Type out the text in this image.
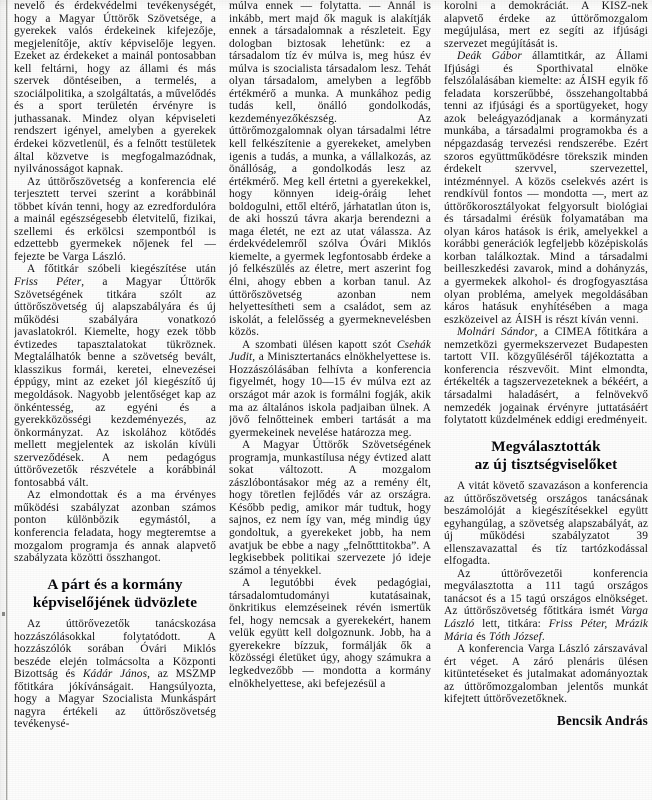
nevelő és érdekvédelmi tevékenységét, hogy a Magyar Úttörők Szövetsége, a gyerekek valós érdekeinek kifejezője, megjelenítője, aktív képviselője legyen. Ezeket az érdekeket a mainál pontosabban kell feltárni, hogy az állami és más szervek döntéseiben, a termelés, a szociálpolitika, a szolgáltatás, a művelődés és a sport területén érvényre is juthassanak. Mindez olyan képviseleti rendszert igényel, amelyben a gyerekek érdekei közvetlenül, és a felnőtt testületek által közvetve is megfogalmazódnak, nyilvánosságot kapnak.

Az úttörőszövetség a konferencia elé terjesztett tervei szerint a korábbinál többet kíván tenni, hogy az ezredfordulóra a mainál egészségesebb életvitelű, fizikai, szellemi és erkölcsi szempontból is edzettebb gyermekek nőjenek fel — fejezte be Varga László.

A főtitkár szóbeli kiegészítése után Friss Péter, a Magyar Úttörők Szövetségének titkára szólt az úttörőszövetség új alapszabályára és új működési szabályára vonatkozó javaslatokról. Kiemelte, hogy ezek több évtizedes tapasztalatokat tükröznek. Megtalálhatók benne a szövetség bevált, klasszikus formái, keretei, elnevezései éppúgy, mint az ezeket jól kiegészítő új megoldások. Nagyobb jelentőséget kap az önkéntesség, az egyéni és a gyerekközösségi kezdeményezés, az önkormányzat. Az iskolához kötődés mellett megjelentek az iskolán kívüli szerveződések. A nem pedagógus úttörővezetők részvétele a korábbinál fontosabbá vált.

Az elmondottak és a ma érvényes működési szabályzat azonban számos ponton különbözik egymástól, a konferencia feladata, hogy megteremtse a mozgalom programja és annak alapvető szabályzata közötti összhangot.

A párt és a kormány
képviselőjének üdvözlete

Az úttörővezetők tanácskozása hozzászólásokkal folytatódott. A hozzászólók sorában Óvári Miklós beszéde elején tolmácsolta a Központi Bizottság és Kádár János, az MSZMP főtitkára jókívánságait. Hangsúlyozta, hogy a Magyar Szocialista Munkáspárt nagyra értékeli az úttörőszövetség tevékenysé-

múlva ennek — folytatta. — Annál is inkább, mert majd ők maguk is alakítják ennek a társadalomnak a részleteit. Egy dologban biztosak lehetünk: ez a társadalom tíz év múlva is, meg húsz év múlva is szocialista társadalom lesz. Tehát olyan társadalom, amelyben a legfőbb értékmérő a munka. A munkához pedig tudás kell, önálló gondolkodás, kezdeményezőkészség. Az úttörőmozgalomnak olyan társadalmi létre kell felkészítenie a gyerekeket, amelyben igenis a tudás, a munka, a vállalkozás, az önállóság, a gondolkodás lesz az értékmérő. Meg kell értetni a gyerekekkel, hogy könnyen ideig-óráig lehet boldogulni, ettől eltérő, járhatatlan úton is, de aki hosszú távra akarja berendezni a maga életét, ne ezt az utat válassza. Az érdekvédelemről szólva Óvári Miklós kiemelte, a gyermek legfontosabb érdeke a jó felkészülés az életre, mert aszerint fog élni, ahogy ebben a korban tanul. Az úttörőszövetség azonban nem helyettesítheti sem a családot, sem az iskolát, a felelősség a gyermeknevelésben közös.

A szombati ülésen kapott szót Csehák Judit, a Minisztertanács elnökhelyettese is. Hozzászólásában felhívta a konferencia figyelmét, hogy 10—15 év múlva ezt az országot már azok is formálni fogják, akik ma az általános iskola padjaiban ülnek. A jövő felnőtteinek emberi tartását a ma gyermekeinek nevelése határozza meg.

A Magyar Úttörők Szövetségének programja, munkastílusa négy évtized alatt sokat változott. A mozgalom zászlóbontásakor még az a remény élt, hogy töretlen fejlődés vár az országra. Később pedig, amikor már tudtuk, hogy sajnos, ez nem így van, még mindig úgy gondoltuk, a gyerekeket jobb, ha nem avatjuk be ebbe a nagy „felnőtttitokba”. A legkisebbek politikai szervezete jó ideje számol a tényekkel.

A legutóbbi évek pedagógiai, társadalomtudományi kutatásainak, önkritikus elemzéseinek révén ismertük fel, hogy nemcsak a gyerekekért, hanem velük együtt kell dolgoznunk. Jobb, ha a gyerekekre bízzuk, formálják ők a közösségi életüket úgy, ahogy számukra a legkedvezőbb — mondotta a kormány elnökhelyettese, aki befejezésül a

korolni a demokráciát. A KISZ-nek alapvető érdeke az úttörőmozgalom megújulása, mert ez segíti az ifjúsági szervezet megújítását is.

Deák Gábor államtitkár, az Állami Ifjúsági és Sporthivatal elnöke felszólalásában kiemelte: az ÁISH egyik fő feladata korszerűbbé, összehangoltabbá tenni az ifjúsági és a sportügyeket, hogy azok beleágyazódjanak a kormányzati munkába, a társadalmi programokba és a népgazdaság tervezési rendszerébe. Ezért szoros együttműködésre törekszik minden érdekelt szervvel, szervezettel, intézménnyel. A közös cselekvés azért is rendkívül fontos — mondotta —, mert az úttörőkorosztályokat felgyorsult biológiai és társadalmi érésük folyamatában ma olyan káros hatások is érik, amelyekkel a korábbi generációk legfeljebb középiskolás korban találkoztak. Mind a társadalmi beilleszkedési zavarok, mind a dohányzás, a gyermekek alkohol- és drogfogyasztása olyan probléma, amelyek megoldásában káros hatásuk enyhítésében a maga eszközeivel az ÁISH is részt kíván venni.

Molnári Sándor, a CIMEA főtitkára a nemzetközi gyermekszervezet Budapesten tartott VII. közgyűléséről tájékoztatta a konferencia részvevőit. Mint elmondta, értékelték a tagszervezeteknek a békéért, a társadalmi haladásért, a felnövekvő nemzedék jogainak érvényre juttatásáért folytatott küzdelmének eddigi eredményeit.

Megválasztották
az új tisztségviselőket

A vitát követő szavazáson a konferencia az úttörőszövetség országos tanácsának beszámolóját a kiegészítésekkel együtt egyhangúlag, a szövetség alapszabályát, az új működési szabályzatot 39 ellenszavazattal és tíz tartózkodással elfogadta.

Az úttörővezetői konferencia megválasztotta a 111 tagú országos tanácsot és a 15 tagú országos elnökséget. Az úttörőszövetség főtitkára ismét Varga László lett, titkára: Friss Péter, Mrázik Mária és Tóth József.

A konferencia Varga László zárszavával ért véget. A záró plenáris ülésen kitüntetéseket és jutalmakat adományoztak az úttörőmozgalomban jelentős munkát kifejtett úttörővezetőknek.

Bencsik András
